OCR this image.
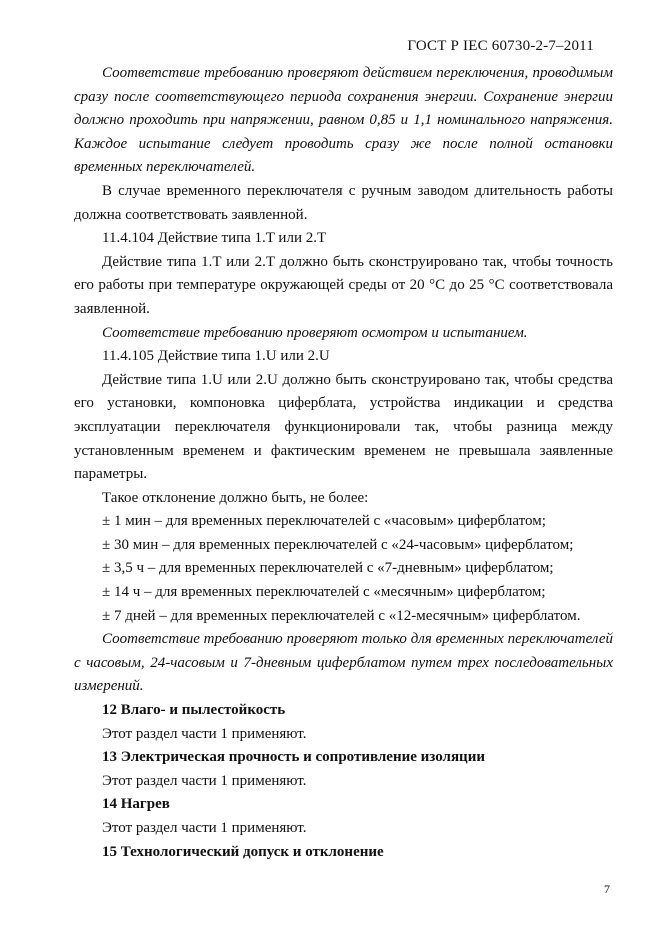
ГОСТ Р IEC 60730-2-7–2011

Соответствие требованию проверяют действием переключения, проводимым сразу после соответствующего периода сохранения энергии. Сохранение энергии должно проходить при напряжении, равном 0,85 и 1,1 номинального напряжения. Каждое испытание следует проводить сразу же после полной остановки временных переключателей.

В случае временного переключателя с ручным заводом длительность работы должна соответствовать заявленной.

11.4.104 Действие типа 1.T или 2.T

Действие типа 1.T или 2.T должно быть сконструировано так, чтобы точность его работы при температуре окружающей среды от 20 °С до 25 °С соответствовала заявленной.

Соответствие требованию проверяют осмотром и испытанием.

11.4.105 Действие типа 1.U или 2.U

Действие типа 1.U или 2.U должно быть сконструировано так, чтобы средства его установки, компоновка циферблата, устройства индикации и средства эксплуатации переключателя функционировали так, чтобы разница между установленным временем и фактическим временем не превышала заявленные параметры.

Такое отклонение должно быть, не более:

± 1 мин – для временных переключателей с «часовым» циферблатом;

± 30 мин – для временных переключателей с «24-часовым» циферблатом;

± 3,5 ч – для временных переключателей с «7-дневным» циферблатом;

± 14 ч – для временных переключателей с «месячным» циферблатом;

± 7 дней – для временных переключателей с «12-месячным» циферблатом.

Соответствие требованию проверяют только для временных переключателей с часовым, 24-часовым и 7-дневным циферблатом путем трех последовательных измерений.

12 Влаго- и пылестойкость

Этот раздел части 1 применяют.

13 Электрическая прочность и сопротивление изоляции

Этот раздел части 1 применяют.

14 Нагрев

Этот раздел части 1 применяют.

15 Технологический допуск и отклонение

7
